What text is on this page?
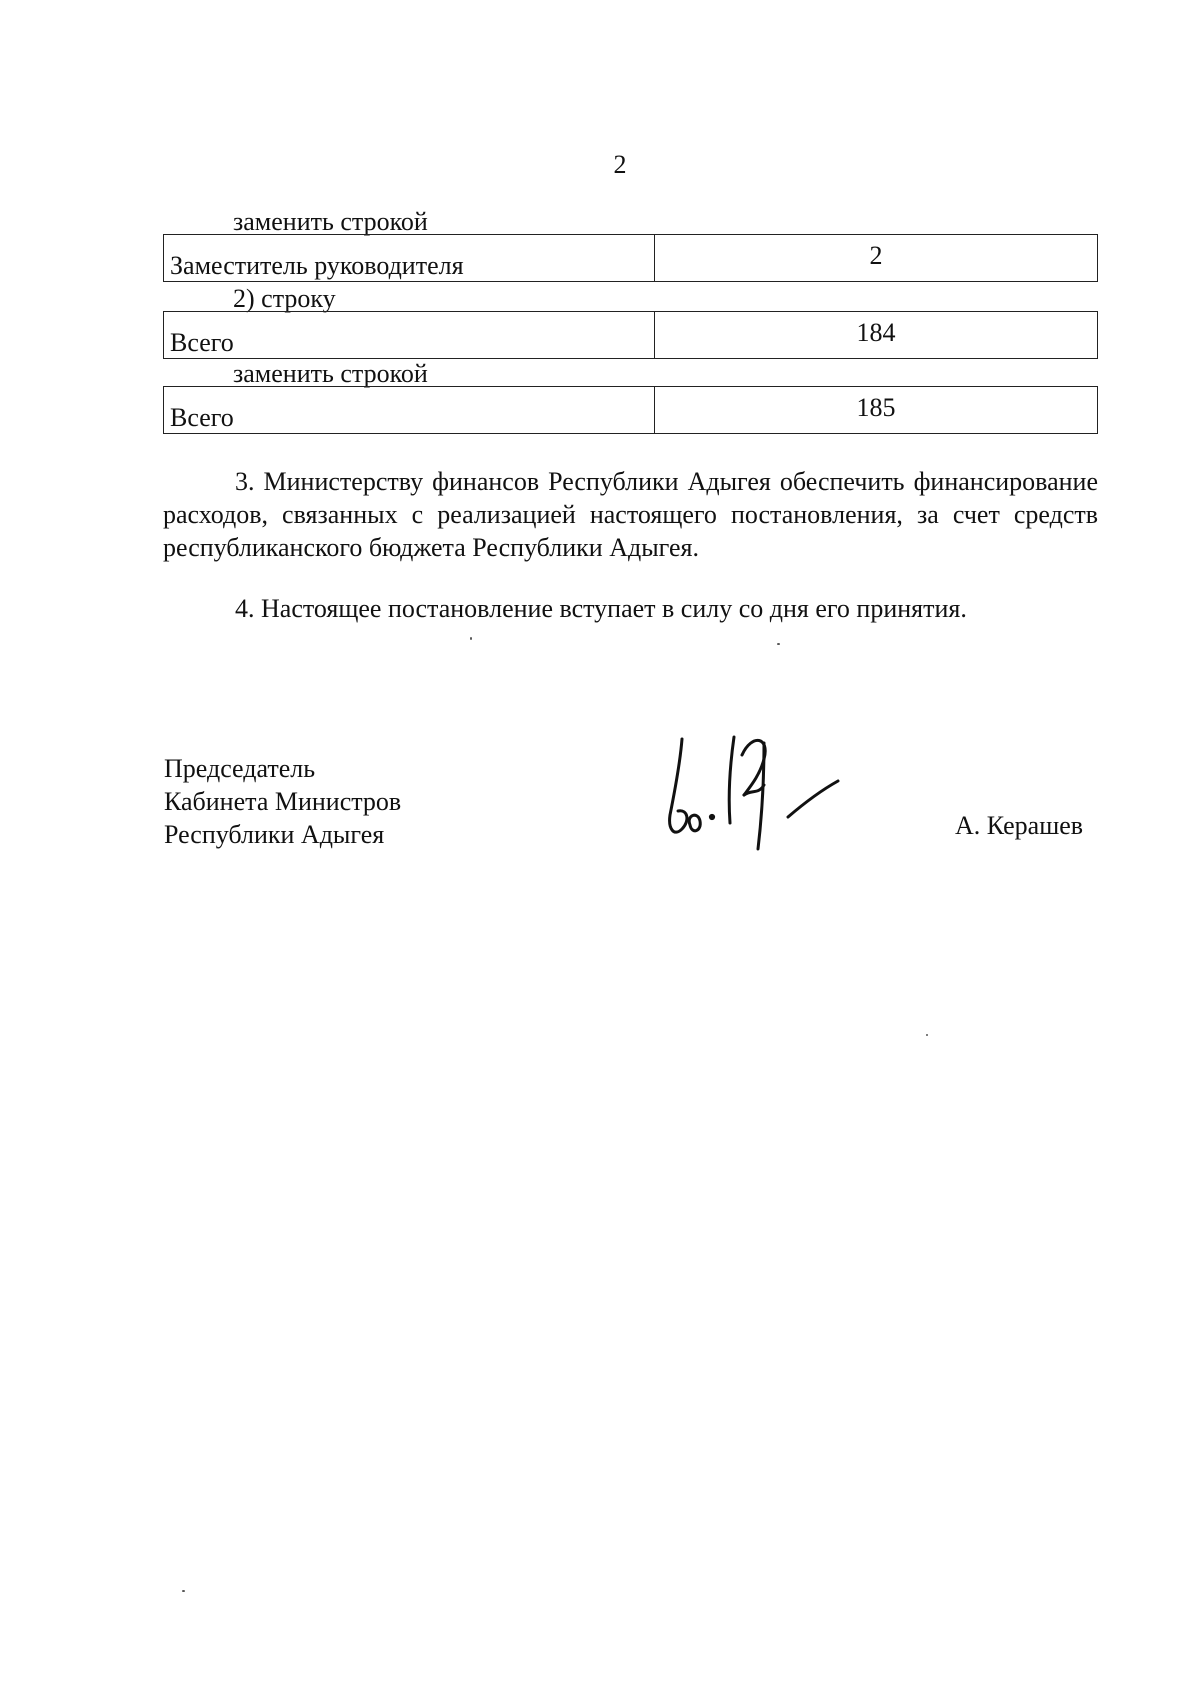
2
заменить строкой
Заместитель руководителя	2
2) строку
Всего	184
заменить строкой
Всего	185
3. Министерству финансов Республики Адыгея обеспечить финансирование расходов, связанных с реализацией настоящего постановления, за счет средств республиканского бюджета Республики Адыгея.
4. Настоящее постановление вступает в силу со дня его принятия.
Председатель
Кабинета Министров
Республики Адыгея	А. Керашев
